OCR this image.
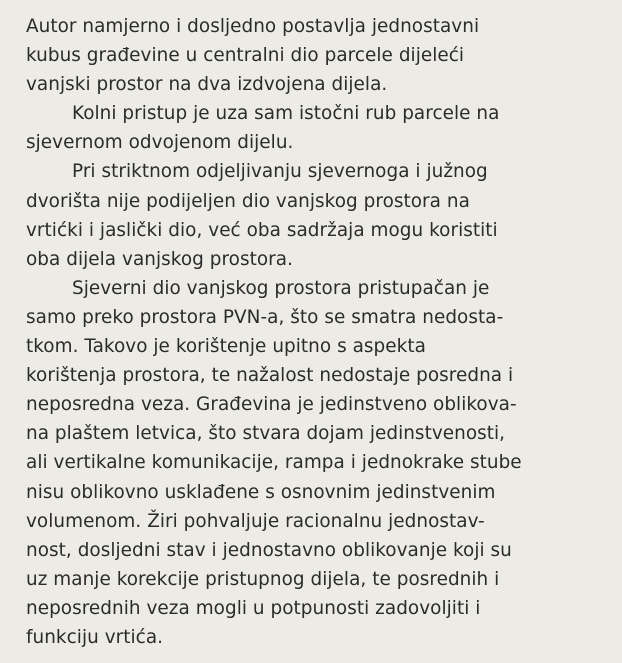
Autor namjerno i dosljedno postavlja jednostavni
kubus građevine u centralni dio parcele dijeleći
vanjski prostor na dva izdvojena dijela.
Kolni pristup je uza sam istočni rub parcele na
sjevernom odvojenom dijelu.
Pri striktnom odjeljivanju sjevernoga i južnog
dvorišta nije podijeljen dio vanjskog prostora na
vrtićki i jaslički dio, već oba sadržaja mogu koristiti
oba dijela vanjskog prostora.
Sjeverni dio vanjskog prostora pristupačan je
samo preko prostora PVN-a, što se smatra nedosta-
tkom. Takovo je korištenje upitno s aspekta
korištenja prostora, te nažalost nedostaje posredna i
neposredna veza. Građevina je jedinstveno oblikova-
na plaštem letvica, što stvara dojam jedinstvenosti,
ali vertikalne komunikacije, rampa i jednokrake stube
nisu oblikovno usklađene s osnovnim jedinstvenim
volumenom. Žiri pohvaljuje racionalnu jednostav-
nost, dosljedni stav i jednostavno oblikovanje koji su
uz manje korekcije pristupnog dijela, te posrednih i
neposrednih veza mogli u potpunosti zadovoljiti i
funkciju vrtića.
